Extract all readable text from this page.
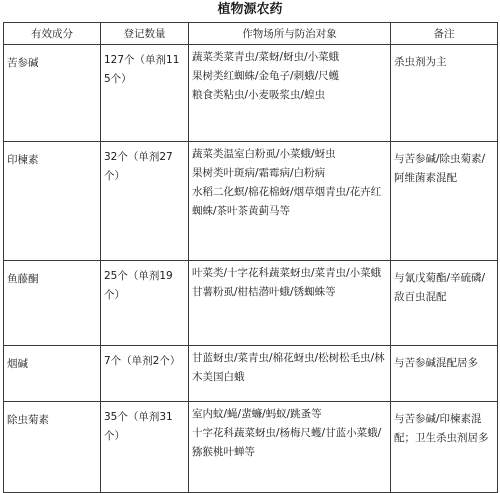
植物源农药
有效成分	登记数量	作物场所与防治对象	备注
苦参碱	127个（单剂115个）	蔬菜类菜青虫/菜蚜/蚜虫/小菜蛾
果树类红蜘蛛/金龟子/刺蛾/尺蠖
粮食类粘虫/小麦吸浆虫/蝗虫	杀虫剂为主
印楝素	32个（单剂27个）	蔬菜类温室白粉虱/小菜蛾/蚜虫
果树类叶斑病/霜霉病/白粉病
水稻二化螟/棉花棉蚜/烟草烟青虫/花卉红蜘蛛/茶叶茶黄蓟马等	与苦参碱/除虫菊素/阿维菌素混配
鱼藤酮	25个（单剂19个）	叶菜类/十字花科蔬菜蚜虫/菜青虫/小菜蛾
甘薯粉虱/柑桔潜叶蛾/锈蜘蛛等	与氰戊菊酯/辛硫磷/敌百虫混配
烟碱	7个（单剂2个）	甘蓝蚜虫/菜青虫/棉花蚜虫/松树松毛虫/林木美国白蛾	与苦参碱混配居多
除虫菊素	35个（单剂31个）	室内蚊/蝇/蜚蠊/蚂蚁/跳蚤等
十字花科蔬菜蚜虫/杨梅尺蠖/甘蓝小菜蛾/猕猴桃叶蝉等	与苦参碱/印楝素混配；卫生杀虫剂居多
